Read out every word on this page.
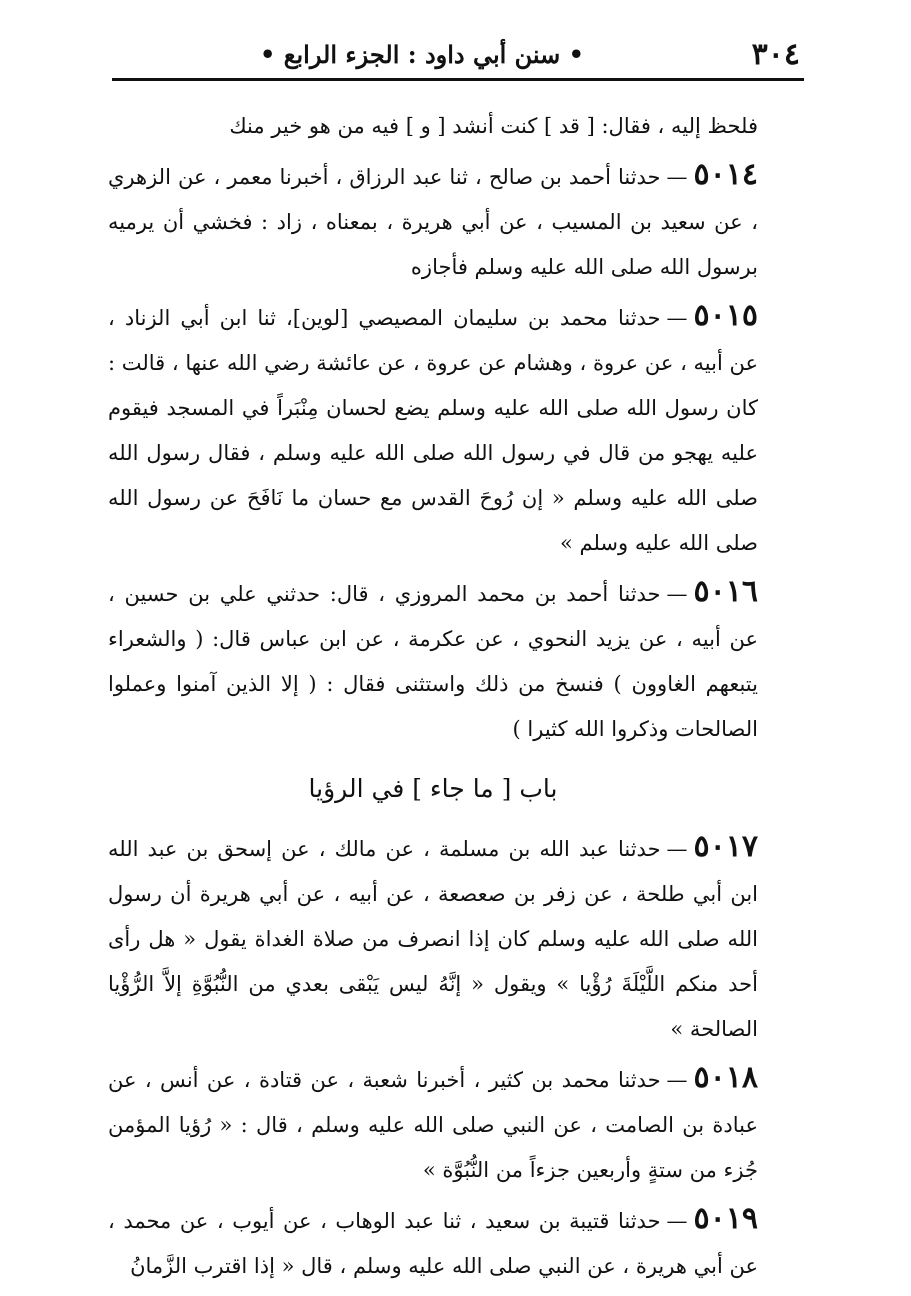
٣٠٤
• سنن أبي داود : الجزء الرابع •

فلحظ إليه ، فقال: [ قد ] كنت أنشد [ و ] فيه من هو خير منك

٥٠١٤—حدثنا أحمد بن صالح ، ثنا عبد الرزاق ، أخبرنا معمر ، عن الزهري ، عن سعيد بن المسيب ، عن أبي هريرة ، بمعناه ، زاد : فخشي أن يرميه برسول الله صلى الله عليه وسلم فأجازه

٥٠١٥—حدثنا محمد بن سليمان المصيصي [لوين]، ثنا ابن أبي الزناد ، عن أبيه ، عن عروة ، وهشام عن عروة ، عن عائشة رضي الله عنها ، قالت : كان رسول الله صلى الله عليه وسلم يضع لحسان مِنْبَراً في المسجد فيقوم عليه يهجو من قال في رسول الله صلى الله عليه وسلم ، فقال رسول الله صلى الله عليه وسلم « إن رُوحَ القدس مع حسان ما نَافَحَ عن رسول الله صلى الله عليه وسلم »

٥٠١٦—حدثنا أحمد بن محمد المروزي ، قال: حدثني علي بن حسين ، عن أبيه ، عن يزيد النحوي ، عن عكرمة ، عن ابن عباس قال: ( والشعراء يتبعهم الغاوون ) فنسخ من ذلك واستثنى فقال : ( إلا الذين آمنوا وعملوا الصالحات وذكروا الله كثيرا )

باب [ ما جاء ] في الرؤيا

٥٠١٧—حدثنا عبد الله بن مسلمة ، عن مالك ، عن إسحق بن عبد الله ابن أبي طلحة ، عن زفر بن صعصعة ، عن أبيه ، عن أبي هريرة أن رسول الله صلى الله عليه وسلم كان إذا انصرف من صلاة الغداة يقول « هل رأى أحد منكم اللَّيْلَةَ رُؤْيا » ويقول « إنَّهُ ليس يَبْقى بعدي من النُّبُوَّةِ إلاَّ الرُّؤْيا الصالحة »

٥٠١٨—حدثنا محمد بن كثير ، أخبرنا شعبة ، عن قتادة ، عن أنس ، عن عبادة بن الصامت ، عن النبي صلى الله عليه وسلم ، قال : « رُؤيا المؤمن جُزء من ستةٍ وأربعين جزءاً من النُّبُوَّة »

٥٠١٩—حدثنا قتيبة بن سعيد ، ثنا عبد الوهاب ، عن أيوب ، عن محمد ، عن أبي هريرة ، عن النبي صلى الله عليه وسلم ، قال « إذا اقترب الزَّمانُ
